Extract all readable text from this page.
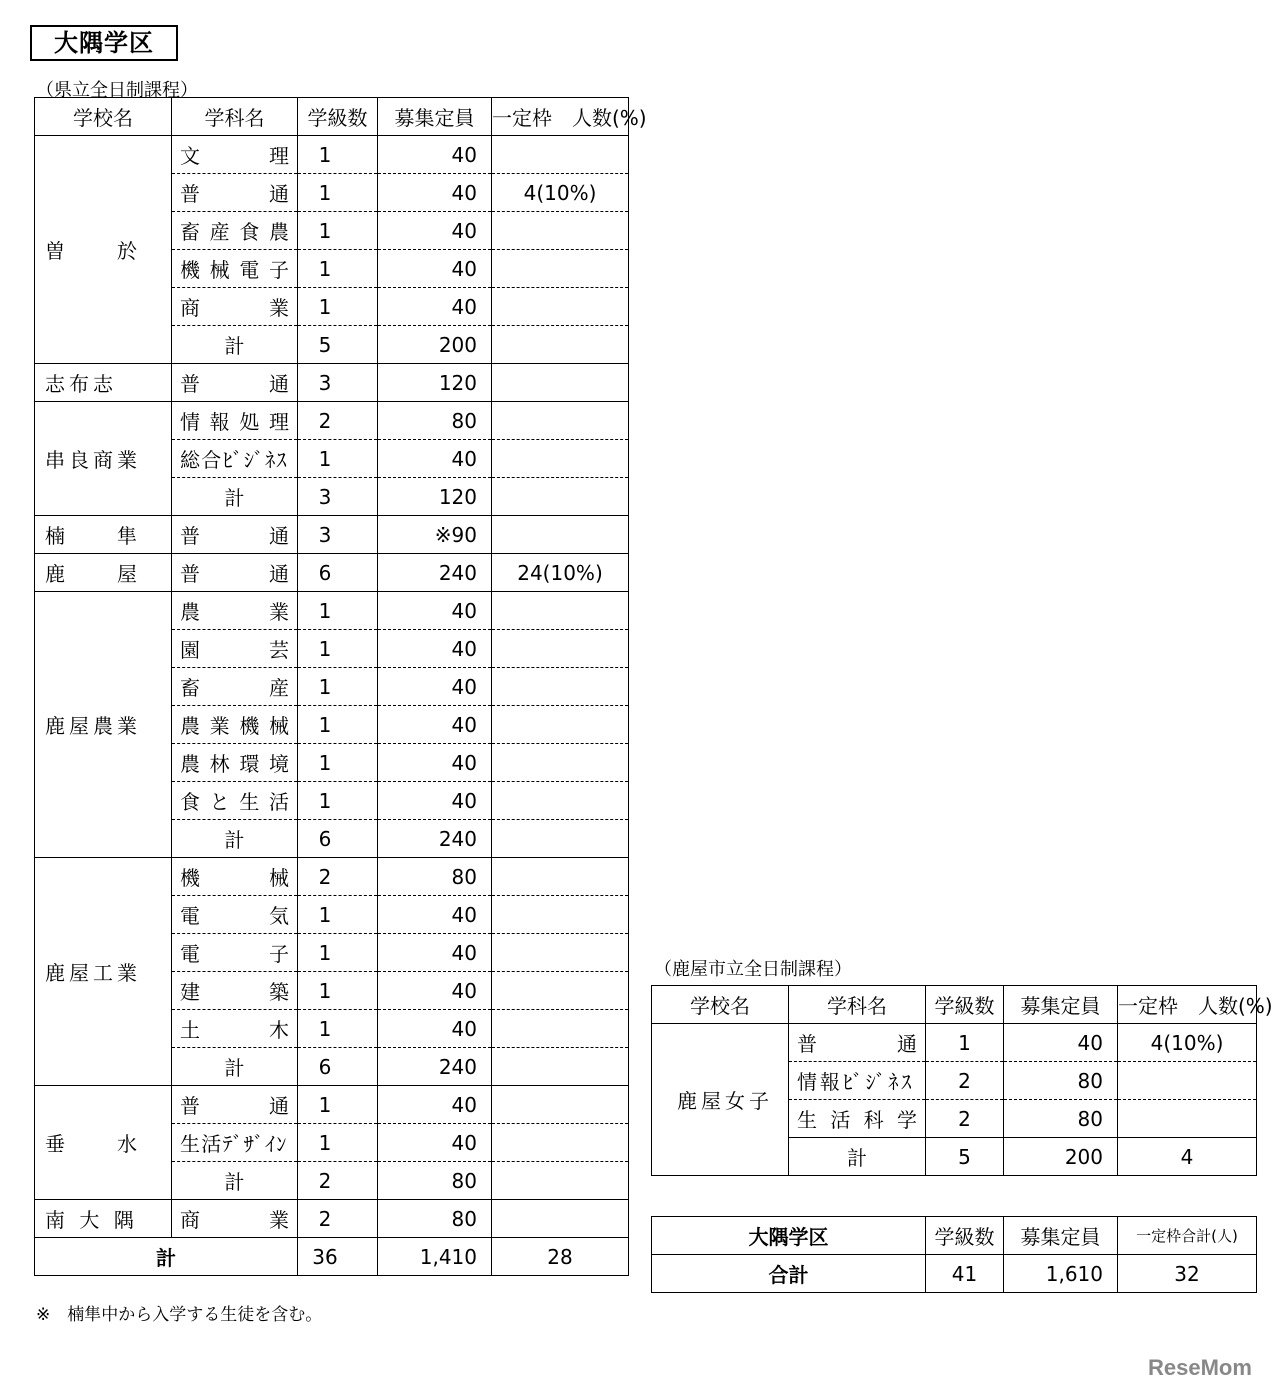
大隅学区
（県立全日制課程）
学校名	学科名	学級数	募集定員	一定枠　人数(%)
曽　　於	文　理	1	40	
	普　通	1	40	4(10%)
	畜産食農	1	40	
	機械電子	1	40	
	商　業	1	40	
	計	5	200	
志布志	普　通	3	120	
串良商業	情報処理	2	80	
	総合ﾋﾞｼﾞﾈｽ	1	40	
	計	3	120	
楠　　隼	普　通	3	※90	
鹿　　屋	普　通	6	240	24(10%)
鹿屋農業	農　業	1	40	
	園　芸	1	40	
	畜　産	1	40	
	農業機械	1	40	
	農林環境	1	40	
	食と生活	1	40	
	計	6	240	
鹿屋工業	機　械	2	80	
	電　気	1	40	
	電　子	1	40	
	建　築	1	40	
	土　木	1	40	
	計	6	240	
垂　　水	普　通	1	40	
	生活ﾃﾞｻﾞｲﾝ	1	40	
	計	2	80	
南 大 隅	商　業	2	80	
計		36	1,410	28
（鹿屋市立全日制課程）
学校名	学科名	学級数	募集定員	一定枠　人数(%)
鹿屋女子	普　通	1	40	4(10%)
	情報ﾋﾞｼﾞﾈｽ	2	80	
	生活科学	2	80	
	計	5	200	4
大隅学区	学級数	募集定員	一定枠合計(人)
合計	41	1,610	32
※　楠隼中から入学する生徒を含む。
ReseMom
